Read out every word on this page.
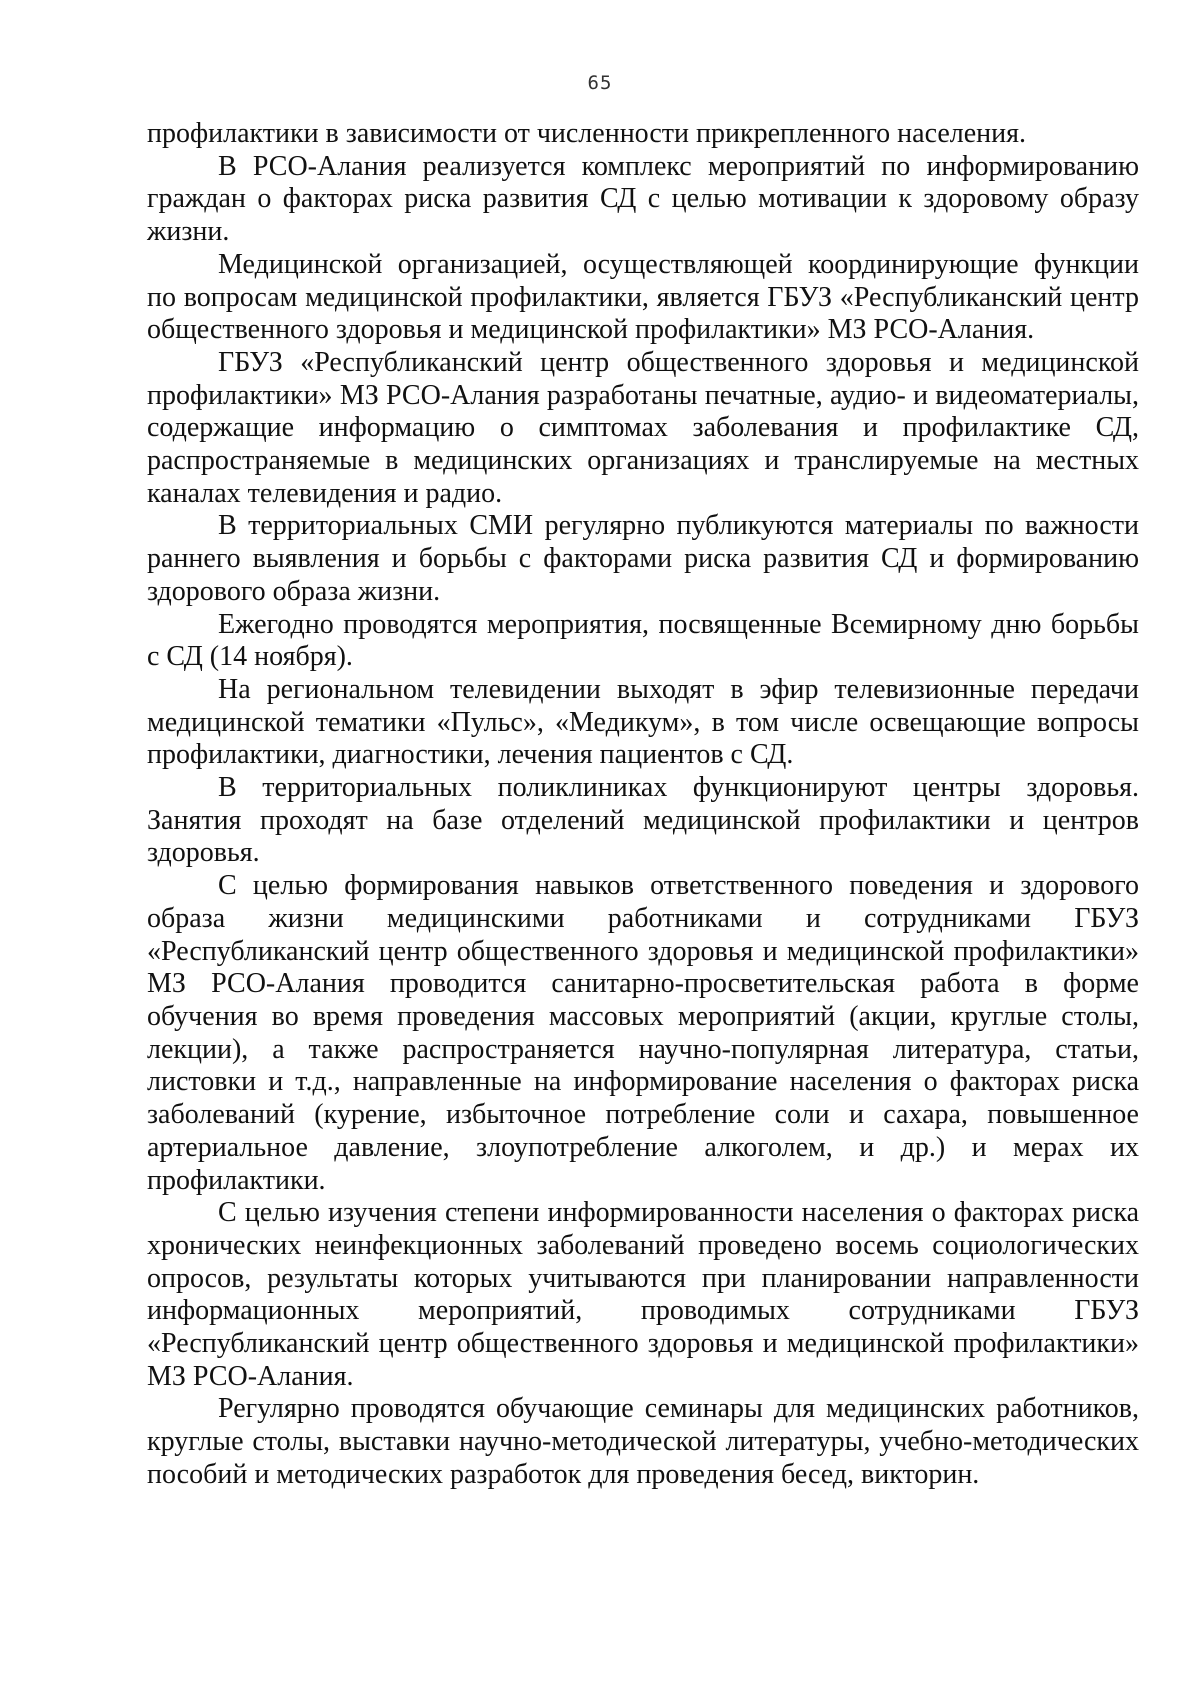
65

профилактики в зависимости от численности прикрепленного населения.

В РСО-Алания реализуется комплекс мероприятий по информированию граждан о факторах риска развития СД с целью мотивации к здоровому образу жизни.

Медицинской организацией, осуществляющей координирующие функции по вопросам медицинской профилактики, является ГБУЗ «Республиканский центр общественного здоровья и медицинской профилактики» МЗ РСО-Алания.

ГБУЗ «Республиканский центр общественного здоровья и медицинской профилактики» МЗ РСО-Алания разработаны печатные, аудио- и видеоматериалы, содержащие информацию о симптомах заболевания и профилактике СД, распространяемые в медицинских организациях и транслируемые на местных каналах телевидения и радио.

В территориальных СМИ регулярно публикуются материалы по важности раннего выявления и борьбы с факторами риска развития СД и формированию здорового образа жизни.

Ежегодно проводятся мероприятия, посвященные Всемирному дню борьбы с СД (14 ноября).

На региональном телевидении выходят в эфир телевизионные передачи медицинской тематики «Пульс», «Медикум», в том числе освещающие вопросы профилактики, диагностики, лечения пациентов с СД.

В территориальных поликлиниках функционируют центры здоровья. Занятия проходят на базе отделений медицинской профилактики и центров здоровья.

С целью формирования навыков ответственного поведения и здорового образа жизни медицинскими работниками и сотрудниками ГБУЗ «Республиканский центр общественного здоровья и медицинской профилактики» МЗ РСО-Алания проводится санитарно-просветительская работа в форме обучения во время проведения массовых мероприятий (акции, круглые столы, лекции), а также распространяется научно-популярная литература, статьи, листовки и т.д., направленные на информирование населения о факторах риска заболеваний (курение, избыточное потребление соли и сахара, повышенное артериальное давление, злоупотребление алкоголем, и др.) и мерах их профилактики.

С целью изучения степени информированности населения о факторах риска хронических неинфекционных заболеваний проведено восемь социологических опросов, результаты которых учитываются при планировании направленности информационных мероприятий, проводимых сотрудниками ГБУЗ «Республиканский центр общественного здоровья и медицинской профилактики» МЗ РСО-Алания.

Регулярно проводятся обучающие семинары для медицинских работников, круглые столы, выставки научно-методической литературы, учебно-методических пособий и методических разработок для проведения бесед, викторин.
